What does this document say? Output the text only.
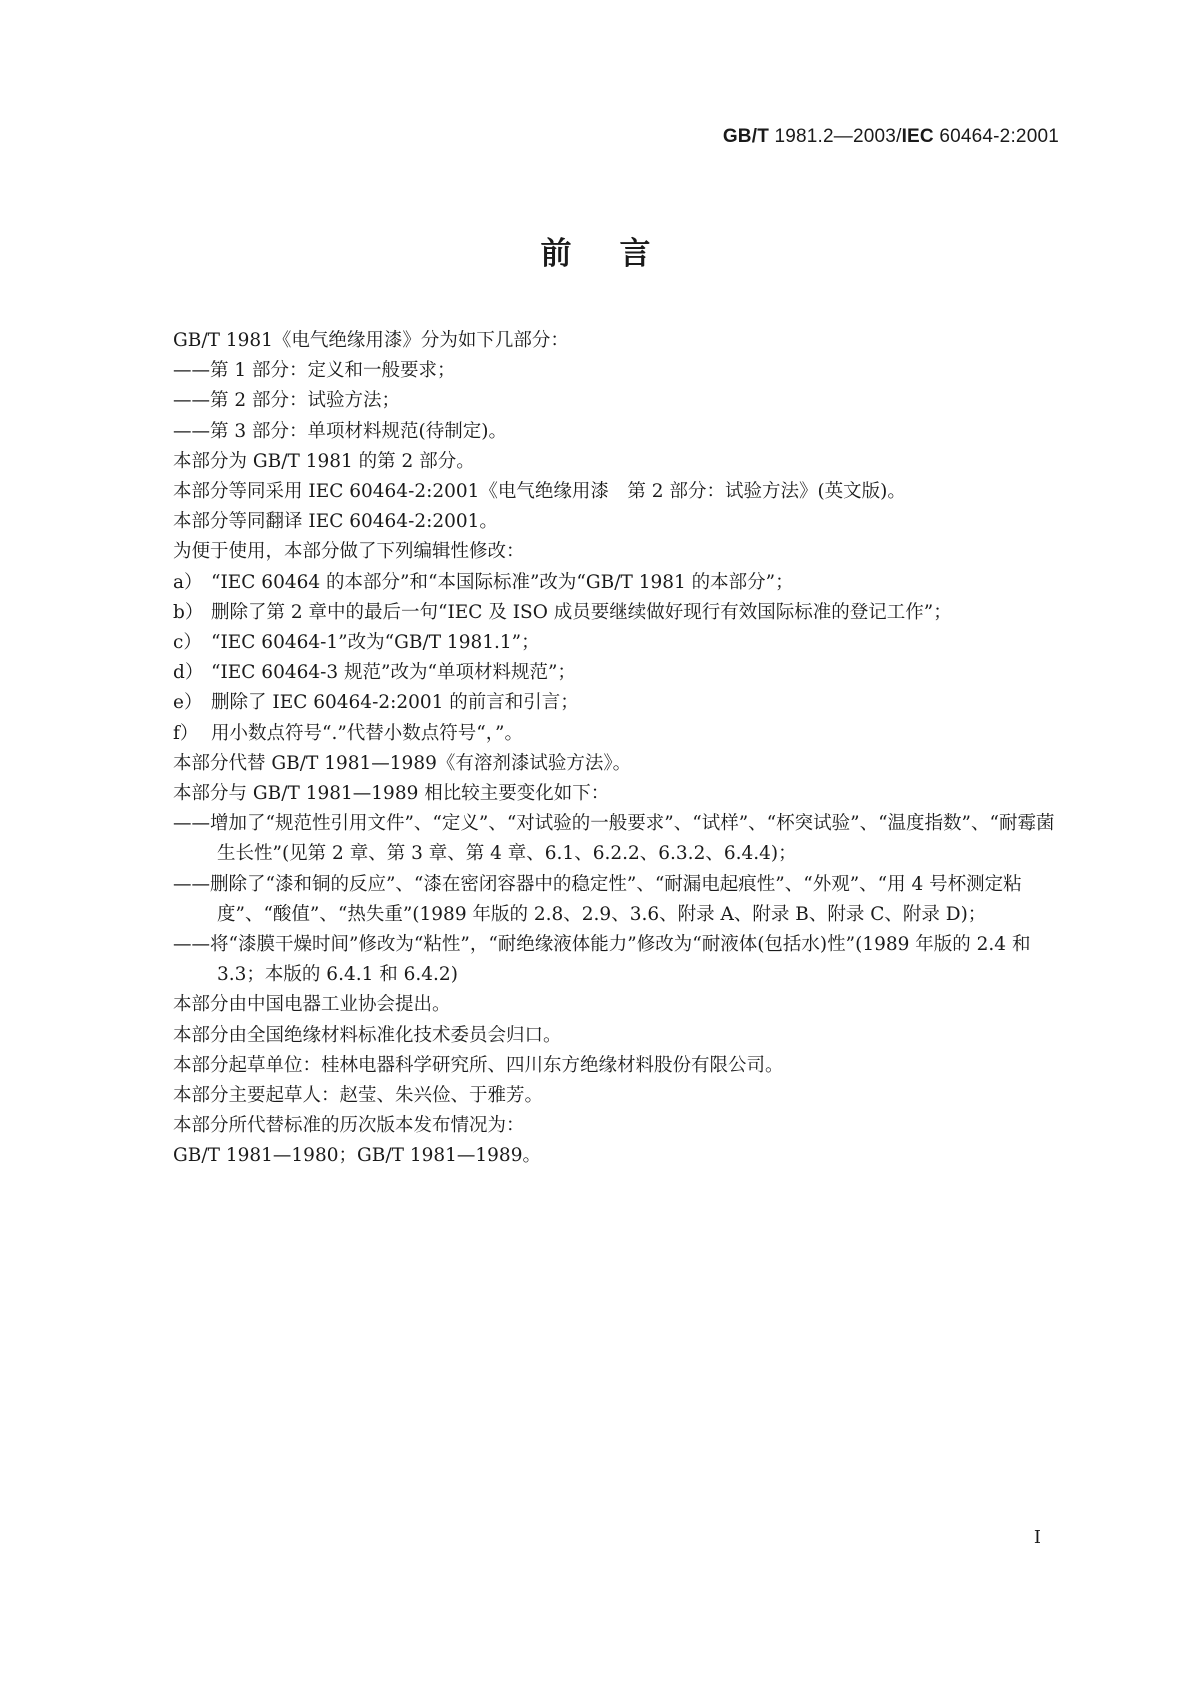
GB/T 1981.2—2003/IEC 60464-2:2001
前言
GB/T 1981《电气绝缘用漆》分为如下几部分：
——第 1 部分：定义和一般要求；
——第 2 部分：试验方法；
——第 3 部分：单项材料规范(待制定)。
本部分为 GB/T 1981 的第 2 部分。
本部分等同采用 IEC 60464-2:2001《电气绝缘用漆　第 2 部分：试验方法》(英文版)。
本部分等同翻译 IEC 60464-2:2001。
为便于使用，本部分做了下列编辑性修改：
a） “IEC 60464 的本部分”和“本国际标准”改为“GB/T 1981 的本部分”；
b） 删除了第 2 章中的最后一句“IEC 及 ISO 成员要继续做好现行有效国际标准的登记工作”；
c） “IEC 60464-1”改为“GB/T 1981.1”；
d） “IEC 60464-3 规范”改为“单项材料规范”；
e） 删除了 IEC 60464-2:2001 的前言和引言；
f） 用小数点符号“.”代替小数点符号“，”。
本部分代替 GB/T 1981—1989《有溶剂漆试验方法》。
本部分与 GB/T 1981—1989 相比较主要变化如下：
——增加了“规范性引用文件”、“定义”、“对试验的一般要求”、“试样”、“杯突试验”、“温度指数”、“耐霉菌生长性”(见第 2 章、第 3 章、第 4 章、6.1、6.2.2、6.3.2、6.4.4)；
——删除了“漆和铜的反应”、“漆在密闭容器中的稳定性”、“耐漏电起痕性”、“外观”、“用 4 号杯测定粘度”、“酸值”、“热失重”(1989 年版的 2.8、2.9、3.6、附录 A、附录 B、附录 C、附录 D)；
——将“漆膜干燥时间”修改为“粘性”，“耐绝缘液体能力”修改为“耐液体(包括水)性”(1989 年版的 2.4 和 3.3；本版的 6.4.1 和 6.4.2)
本部分由中国电器工业协会提出。
本部分由全国绝缘材料标准化技术委员会归口。
本部分起草单位：桂林电器科学研究所、四川东方绝缘材料股份有限公司。
本部分主要起草人：赵莹、朱兴俭、于雅芳。
本部分所代替标准的历次版本发布情况为：
GB/T 1981—1980；GB/T 1981—1989。
I
